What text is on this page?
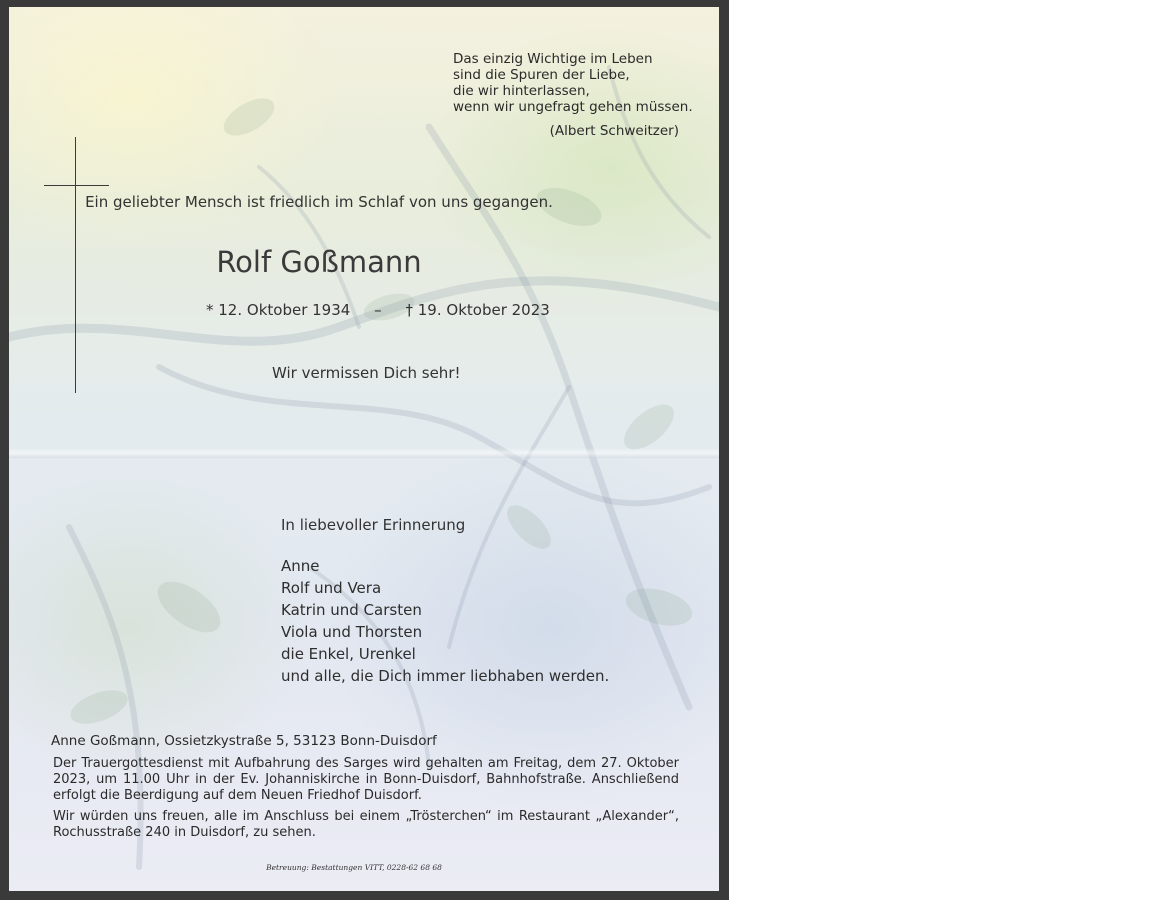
Das einzig Wichtige im Leben
sind die Spuren der Liebe,
die wir hinterlassen,
wenn wir ungefragt gehen müssen.
(Albert Schweitzer)
Ein geliebter Mensch ist friedlich im Schlaf von uns gegangen.
Rolf Goßmann
* 12. Oktober 1934 – † 19. Oktober 2023
Wir vermissen Dich sehr!
In liebevoller Erinnerung
Anne
Rolf und Vera
Katrin und Carsten
Viola und Thorsten
die Enkel, Urenkel
und alle, die Dich immer liebhaben werden.
Anne Goßmann, Ossietzkystraße 5, 53123 Bonn-Duisdorf
Der Trauergottesdienst mit Aufbahrung des Sarges wird gehalten am Freitag, dem 27. Oktober 2023, um 11.00 Uhr in der Ev. Johanniskirche in Bonn-Duisdorf, Bahnhofstraße. Anschließend erfolgt die Beerdigung auf dem Neuen Friedhof Duisdorf.
Wir würden uns freuen, alle im Anschluss bei einem „Trösterchen“ im Restaurant „Alexander“, Rochusstraße 240 in Duisdorf, zu sehen.
Betreuung: Bestattungen VITT, 0228-62 68 68
